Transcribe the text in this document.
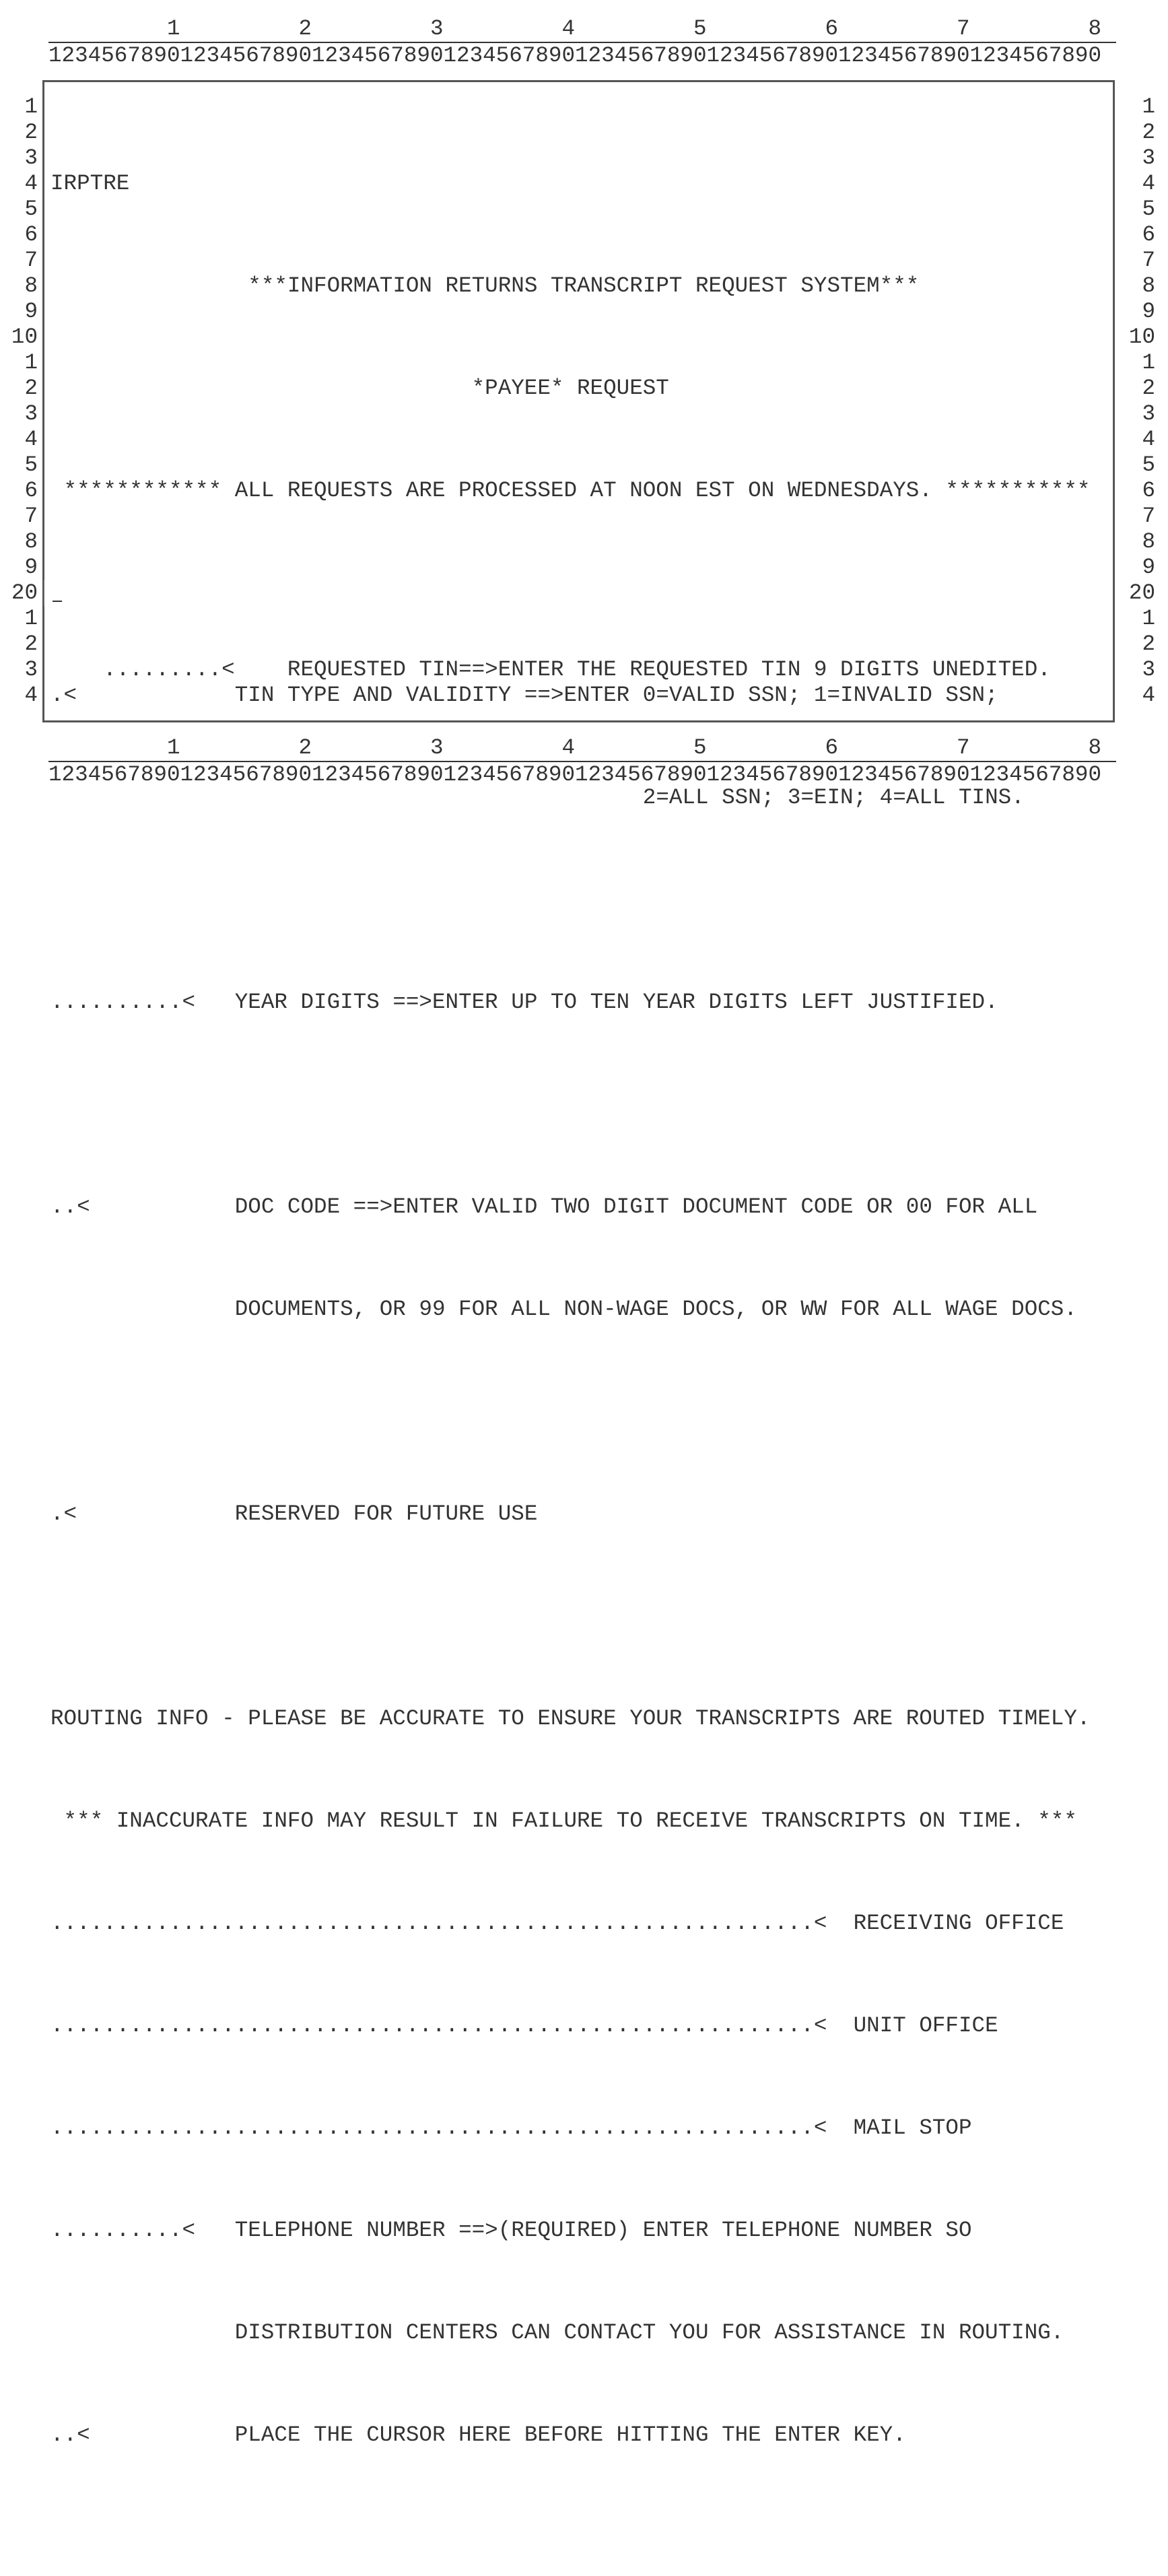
1         2         3         4         5         6         7         8

12345678901234567890123456789012345678901234567890123456789012345678901234567890

1
2
3
4
5
6
7
8
9
10
1
2
3
4
5
6
7
8
9
20
1
2
3
4
1
2
3
4
5
6
7
8
9
10
1
2
3
4
5
6
7
8
9
20
1
2
3
4

IRPTRE

***INFORMATION RETURNS TRANSCRIPT REQUEST SYSTEM***

*PAYEE* REQUEST

************ ALL REQUESTS ARE PROCESSED AT NOON EST ON WEDNESDAYS. ***********

.........< REQUESTED TIN==>ENTER THE REQUESTED TIN 9 DIGITS UNEDITED.

.<	TIN TYPE AND VALIDITY ==>ENTER 0=VALID SSN; 1=INVALID SSN;

2=ALL SSN; 3=EIN; 4=ALL TINS.

..........< YEAR DIGITS ==>ENTER UP TO TEN YEAR DIGITS LEFT JUSTIFIED.

..<	DOC CODE ==>ENTER VALID TWO DIGIT DOCUMENT CODE OR 00 FOR ALL

DOCUMENTS, OR 99 FOR ALL NON-WAGE DOCS, OR WW FOR ALL WAGE DOCS.

.<	RESERVED FOR FUTURE USE

ROUTING INFO - PLEASE BE ACCURATE TO ENSURE YOUR TRANSCRIPTS ARE ROUTED TIMELY.

*** INACCURATE INFO MAY RESULT IN FAILURE TO RECEIVE TRANSCRIPTS ON TIME. ***

..........................................................< RECEIVING OFFICE

..........................................................< UNIT OFFICE

..........................................................< MAIL STOP

..........< TELEPHONE NUMBER ==>(REQUIRED) ENTER TELEPHONE NUMBER SO

DISTRIBUTION CENTERS CAN CONTACT YOU FOR ASSISTANCE IN ROUTING.

..<	PLACE THE CURSOR HERE BEFORE HITTING THE ENTER KEY.

1         2         3         4         5         6         7         8

12345678901234567890123456789012345678901234567890123456789012345678901234567890
